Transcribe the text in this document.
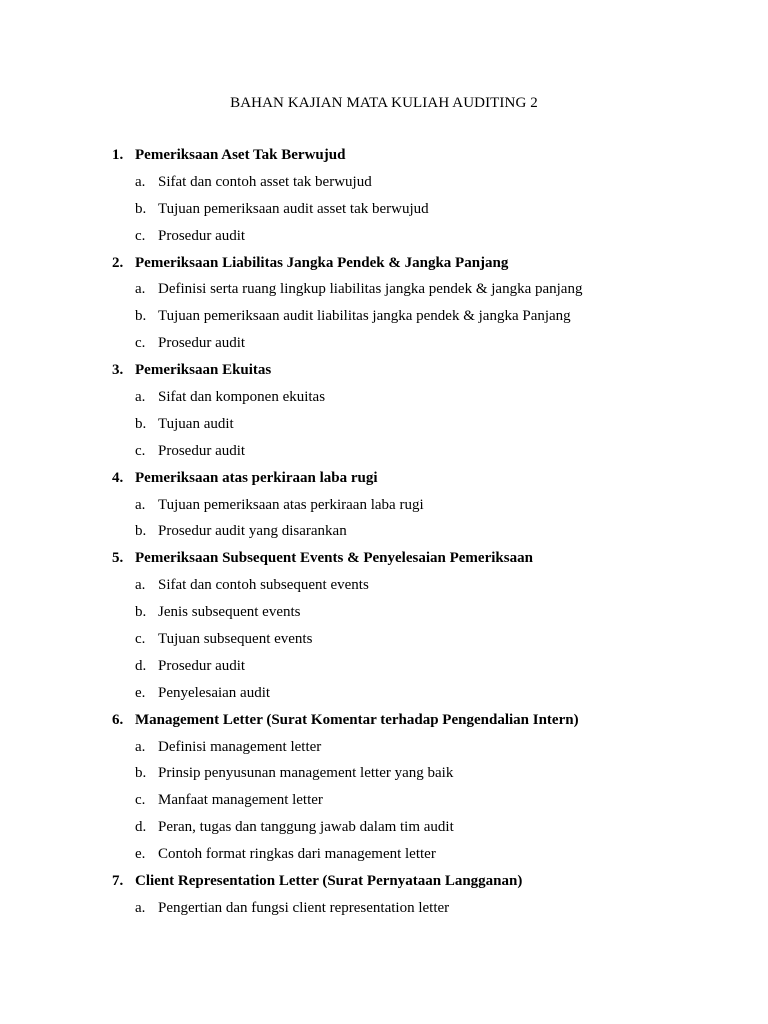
BAHAN KAJIAN MATA KULIAH AUDITING 2
1. Pemeriksaan Aset Tak Berwujud
a. Sifat dan contoh asset tak berwujud
b. Tujuan pemeriksaan audit asset tak berwujud
c. Prosedur audit
2. Pemeriksaan Liabilitas Jangka Pendek & Jangka Panjang
a. Definisi serta ruang lingkup liabilitas jangka pendek & jangka panjang
b. Tujuan pemeriksaan audit liabilitas jangka pendek & jangka Panjang
c. Prosedur audit
3. Pemeriksaan Ekuitas
a. Sifat dan komponen ekuitas
b. Tujuan audit
c. Prosedur audit
4. Pemeriksaan atas perkiraan laba rugi
a. Tujuan pemeriksaan atas perkiraan laba rugi
b. Prosedur audit yang disarankan
5. Pemeriksaan Subsequent Events & Penyelesaian Pemeriksaan
a. Sifat dan contoh subsequent events
b. Jenis subsequent events
c. Tujuan subsequent events
d. Prosedur audit
e. Penyelesaian audit
6. Management Letter (Surat Komentar terhadap Pengendalian Intern)
a. Definisi management letter
b. Prinsip penyusunan management letter yang baik
c. Manfaat management letter
d. Peran, tugas dan tanggung jawab dalam tim audit
e. Contoh format ringkas dari management letter
7. Client Representation Letter (Surat Pernyataan Langganan)
a. Pengertian dan fungsi client representation letter
